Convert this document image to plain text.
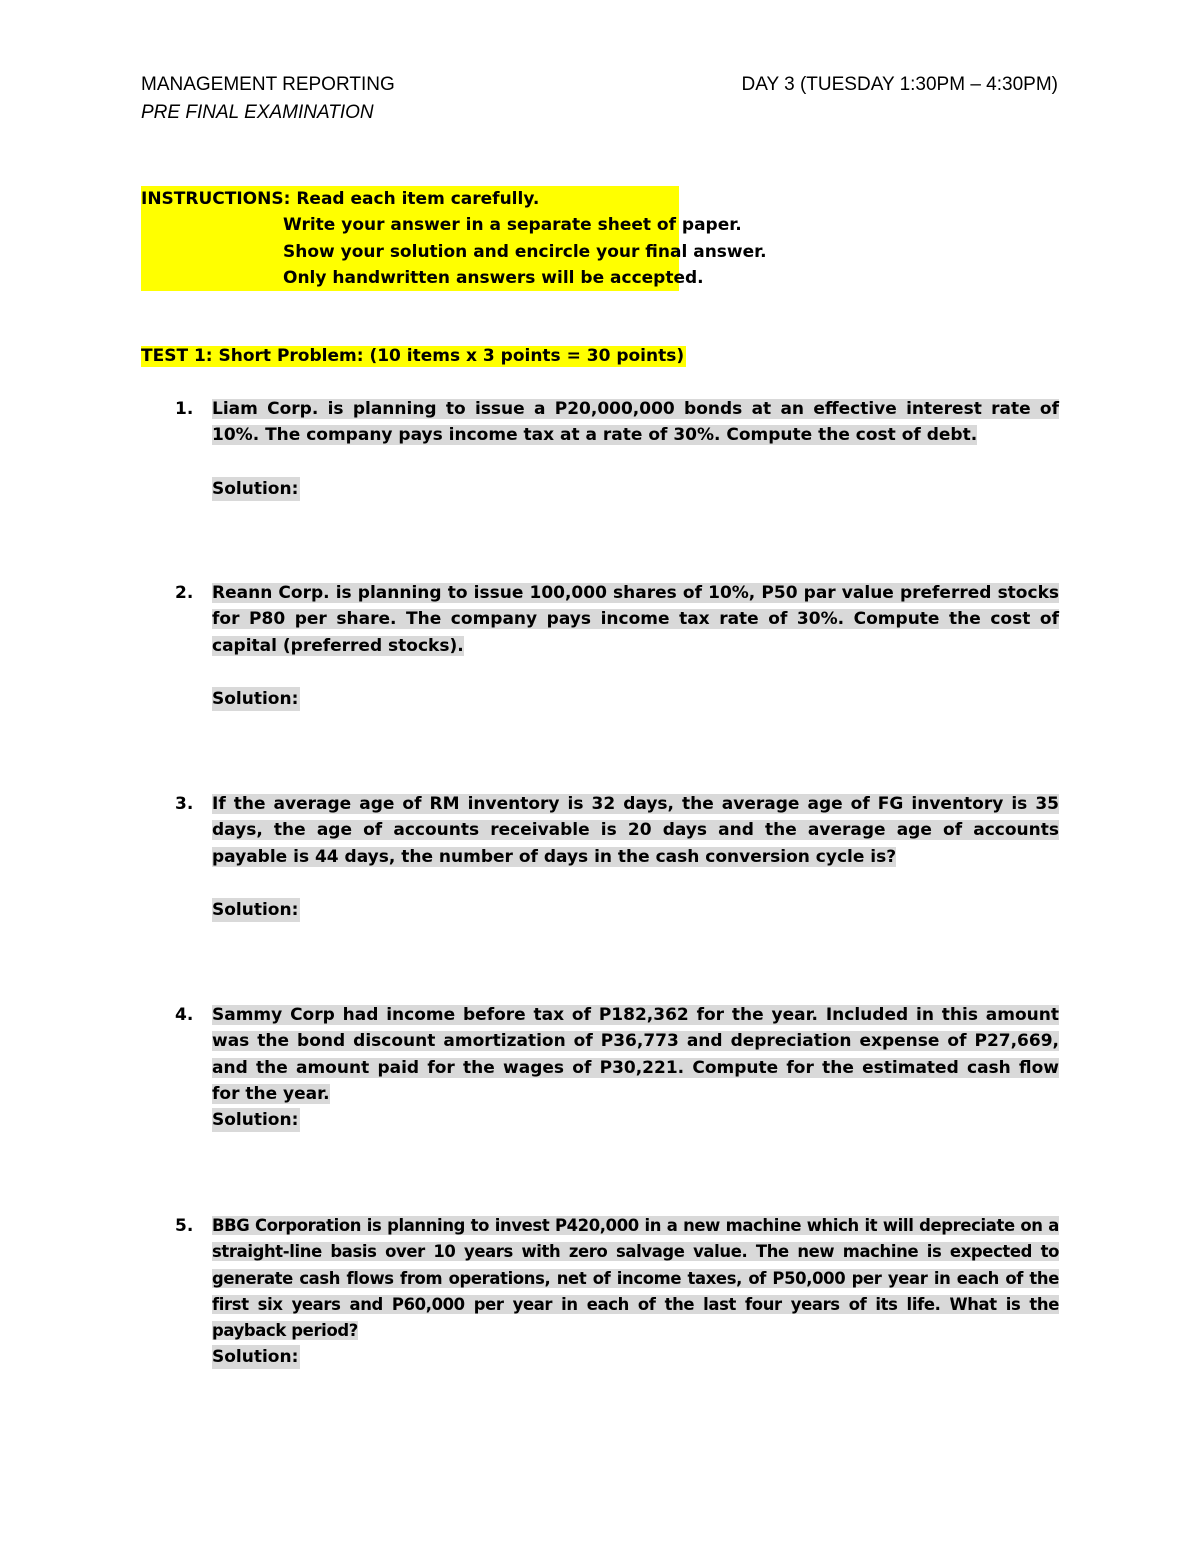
MANAGEMENT REPORTING
PRE FINAL EXAMINATION
DAY 3 (TUESDAY 1:30PM – 4:30PM)
INSTRUCTIONS: Read each item carefully.
Write your answer in a separate sheet of paper.
Show your solution and encircle your final answer.
Only handwritten answers will be accepted.
TEST 1: Short Problem: (10 items x 3 points = 30 points)
1. Liam Corp. is planning to issue a P20,000,000 bonds at an effective interest rate of 10%. The company pays income tax at a rate of 30%. Compute the cost of debt.
Solution:
2. Reann Corp. is planning to issue 100,000 shares of 10%, P50 par value preferred stocks for P80 per share. The company pays income tax rate of 30%. Compute the cost of capital (preferred stocks).
Solution:
3. If the average age of RM inventory is 32 days, the average age of FG inventory is 35 days, the age of accounts receivable is 20 days and the average age of accounts payable is 44 days, the number of days in the cash conversion cycle is?
Solution:
4. Sammy Corp had income before tax of P182,362 for the year. Included in this amount was the bond discount amortization of P36,773 and depreciation expense of P27,669, and the amount paid for the wages of P30,221. Compute for the estimated cash flow for the year.
Solution:
5. BBG Corporation is planning to invest P420,000 in a new machine which it will depreciate on a straight-line basis over 10 years with zero salvage value. The new machine is expected to generate cash flows from operations, net of income taxes, of P50,000 per year in each of the first six years and P60,000 per year in each of the last four years of its life. What is the payback period?
Solution:
